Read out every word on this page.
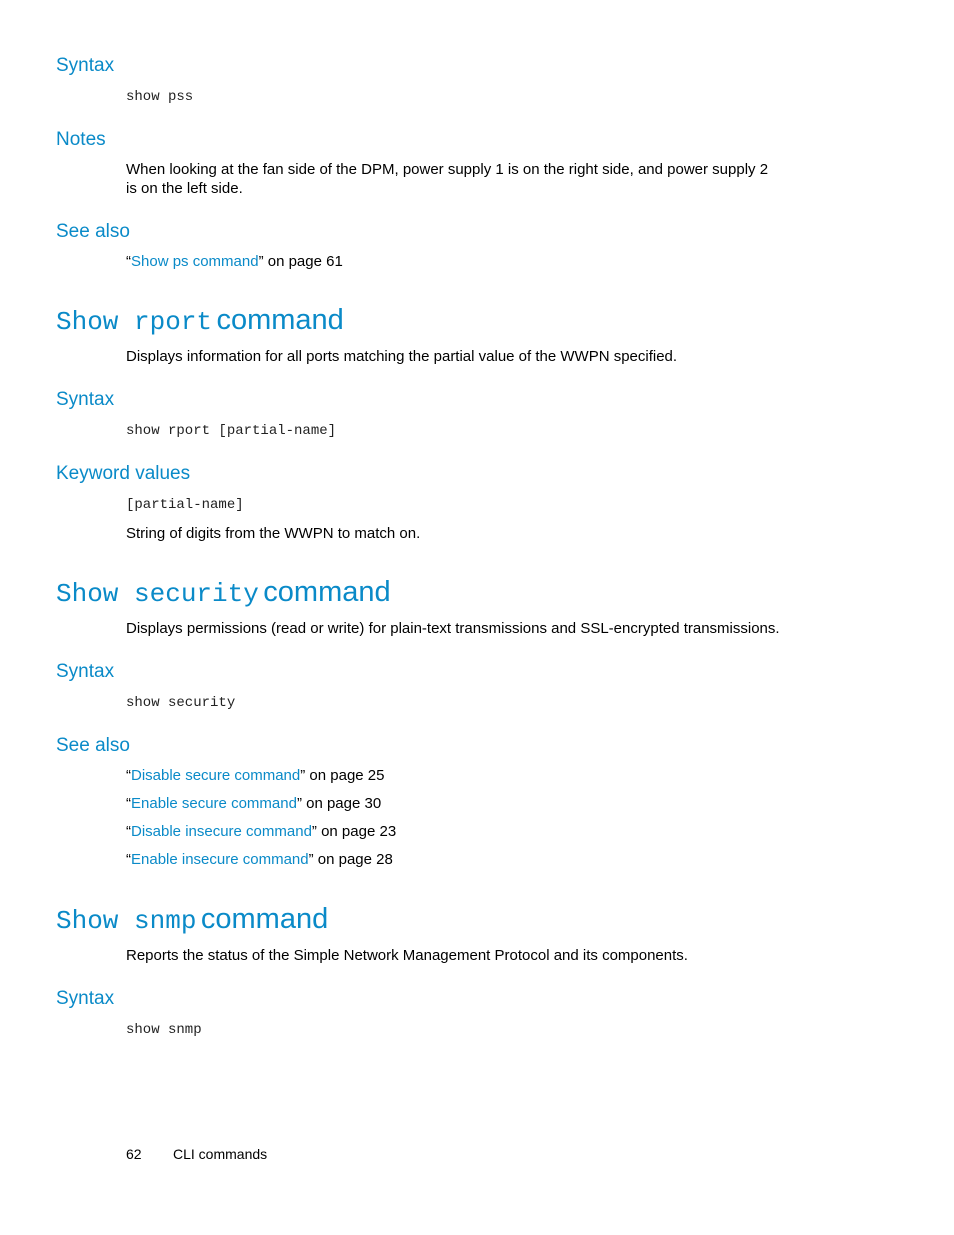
Syntax
show pss
Notes
When looking at the fan side of the DPM, power supply 1 is on the right side, and power supply 2
is on the left side.
See also
“Show ps command” on page 61
Show rport command
Displays information for all ports matching the partial value of the WWPN specified.
Syntax
show rport [partial-name]
Keyword values
[partial-name]
String of digits from the WWPN to match on.
Show security command
Displays permissions (read or write) for plain-text transmissions and SSL-encrypted transmissions.
Syntax
show security
See also
“Disable secure command” on page 25
“Enable secure command” on page 30
“Disable insecure command” on page 23
“Enable insecure command” on page 28
Show snmp command
Reports the status of the Simple Network Management Protocol and its components.
Syntax
show snmp
62 CLI commands
